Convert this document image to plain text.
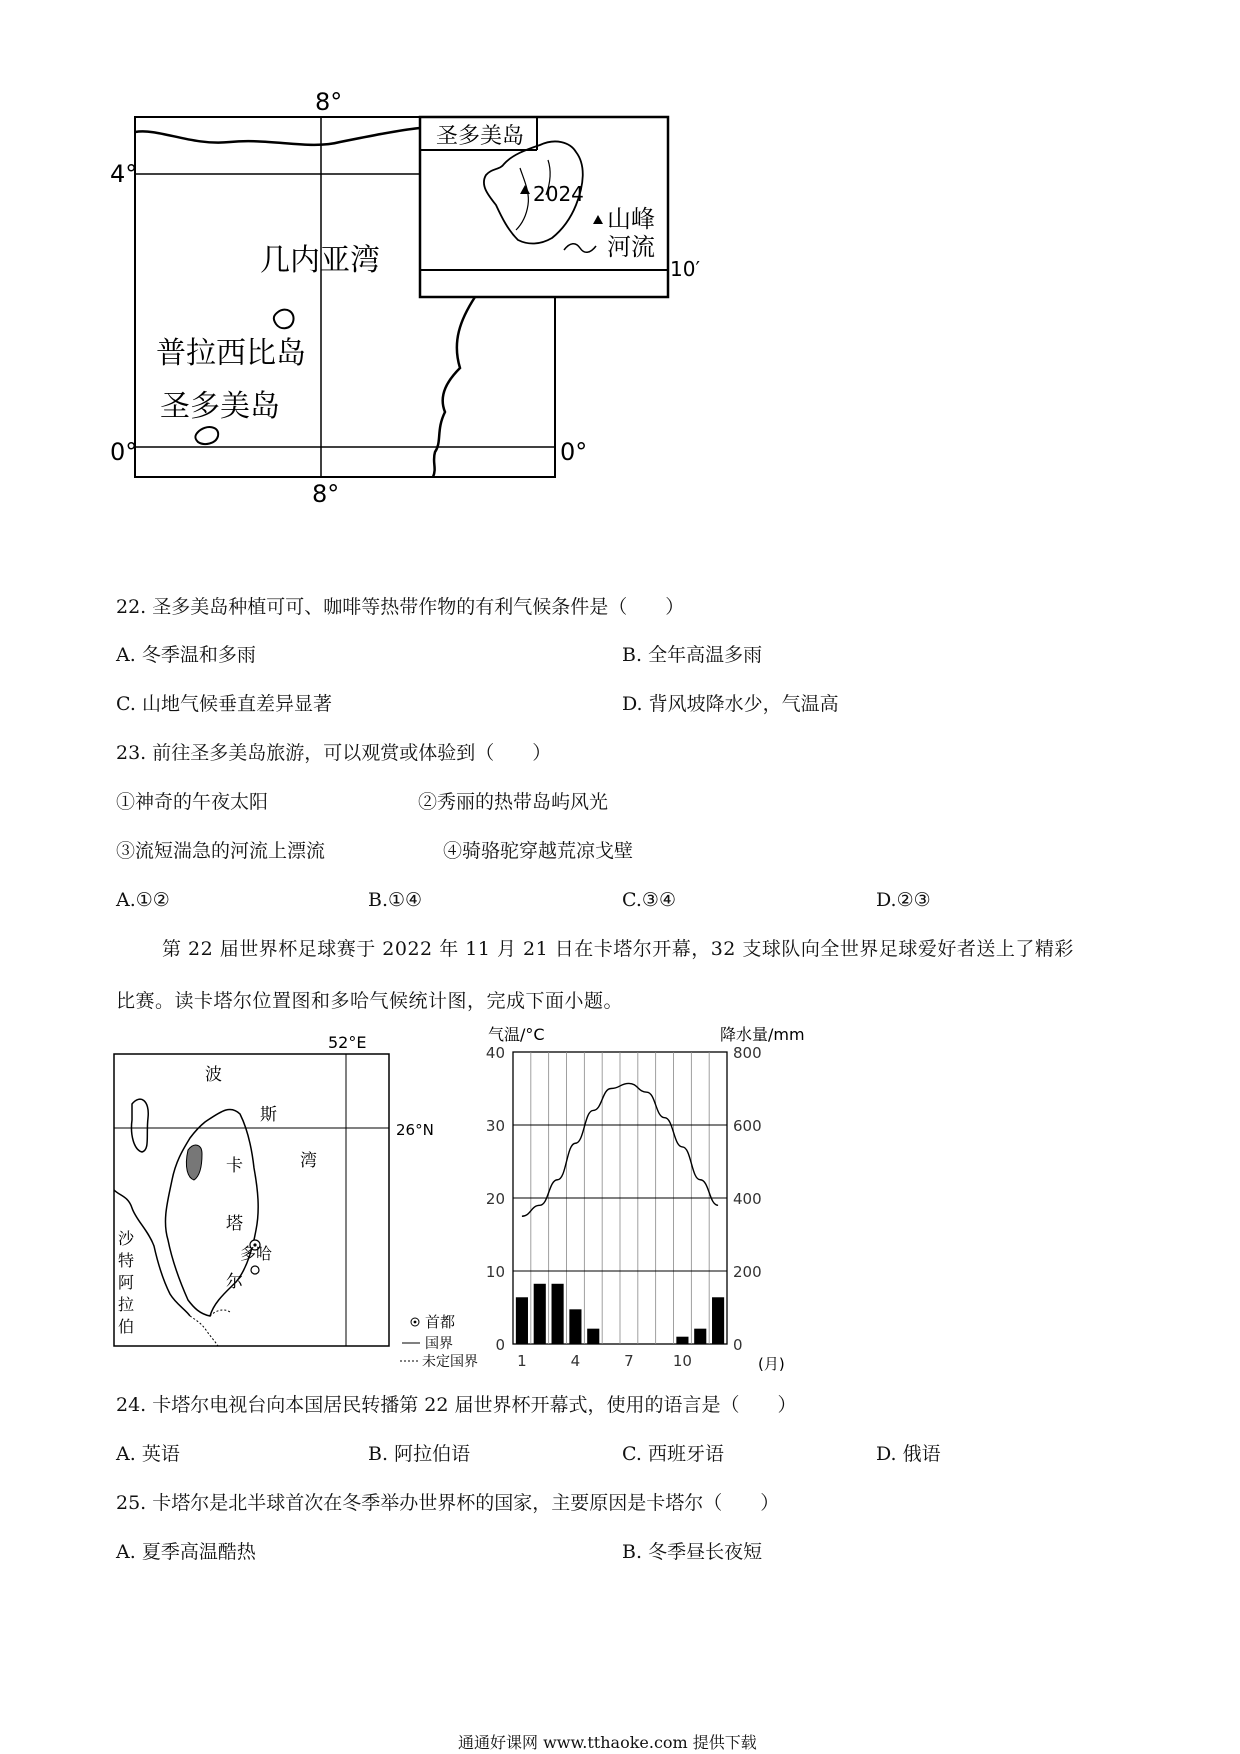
8°
4°
0°	0°
8°
几内亚湾
普拉西比岛
圣多美岛
圣多美岛
2024
山峰
河流
10′
22. 圣多美岛种植可可、咖啡等热带作物的有利气候条件是（　　）
A. 冬季温和多雨	B. 全年高温多雨
C. 山地气候垂直差异显著	D. 背风坡降水少，气温高
23. 前往圣多美岛旅游，可以观赏或体验到（　　）
①神奇的午夜太阳	②秀丽的热带岛屿风光
③流短湍急的河流上漂流	④骑骆驼穿越荒凉戈壁
A.①②	B.①④	C.③④	D.②③
第 22 届世界杯足球赛于 2022 年 11 月 21 日在卡塔尔开幕，32 支球队向全世界足球爱好者送上了精彩
比赛。读卡塔尔位置图和多哈气候统计图，完成下面小题。
52°E
26°N
波
斯
湾
卡
塔
尔
多哈
沙
特
阿
拉
伯	首都
国界
未定国界
0
10
20
30
40
0
200
400
600
800
1	4	7	10
气温/°C	降水量/mm
(月)
24. 卡塔尔电视台向本国居民转播第 22 届世界杯开幕式，使用的语言是（　　）
A. 英语	B. 阿拉伯语	C. 西班牙语	D. 俄语
25. 卡塔尔是北半球首次在冬季举办世界杯的国家，主要原因是卡塔尔（　　）
A. 夏季高温酷热	B. 冬季昼长夜短
通通好课网 www.tthaoke.com 提供下载
